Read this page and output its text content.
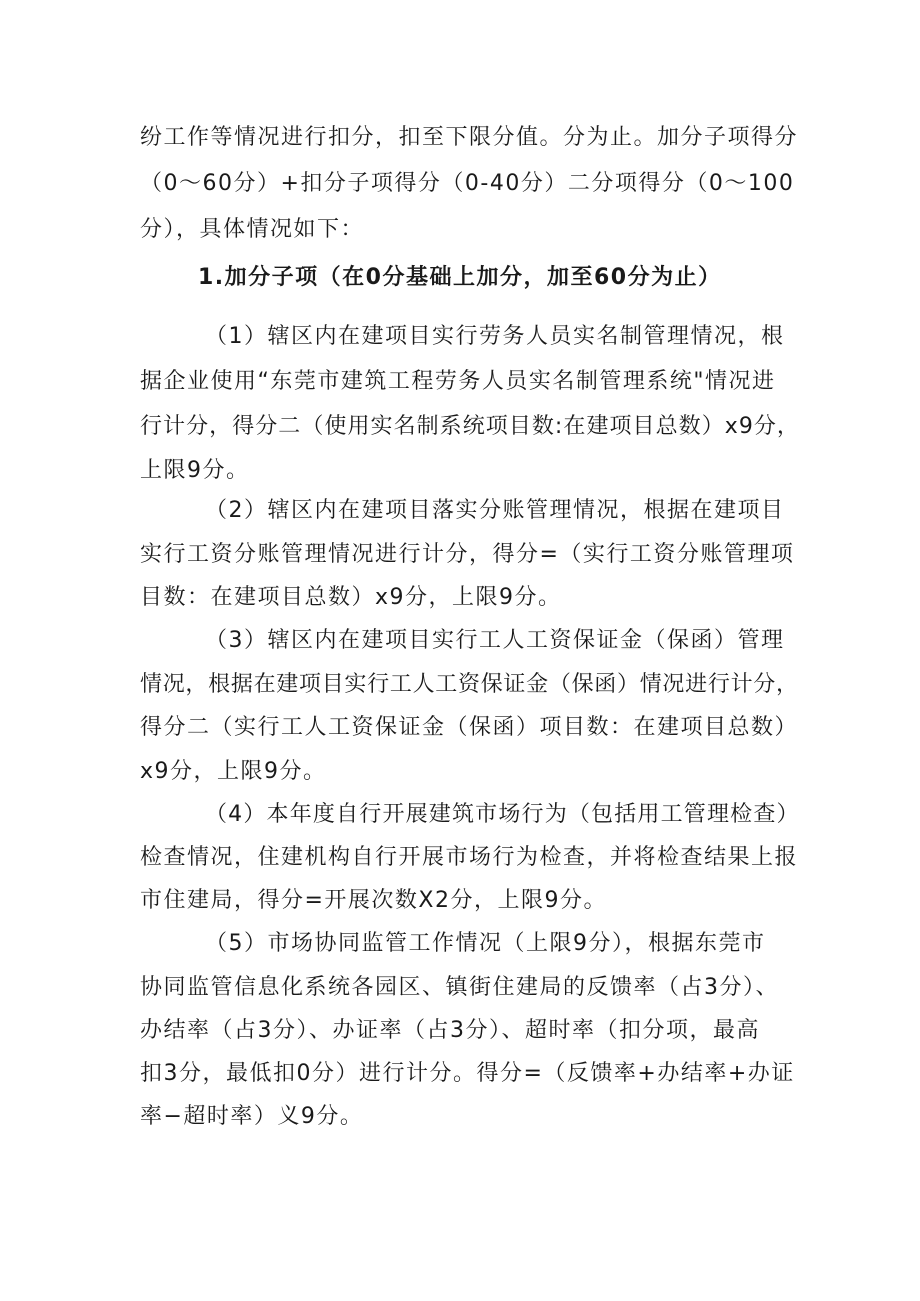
纷工作等情况进行扣分，扣至下限分值。分为止。加分子项得分
（0～60分）+扣分子项得分（0-40分）二分项得分（0～100
分），具体情况如下：
1.加分子项（在0分基础上加分，加至60分为止）
（1）辖区内在建项目实行劳务人员实名制管理情况，根
据企业使用“东莞市建筑工程劳务人员实名制管理系统"情况进
行计分，得分二（使用实名制系统项目数:在建项目总数）x9分，
上限9分。
（2）辖区内在建项目落实分账管理情况，根据在建项目
实行工资分账管理情况进行计分，得分=（实行工资分账管理项
目数：在建项目总数）x9分，上限9分。
（3）辖区内在建项目实行工人工资保证金（保函）管理
情况，根据在建项目实行工人工资保证金（保函）情况进行计分，
得分二（实行工人工资保证金（保函）项目数：在建项目总数）
x9分，上限9分。
（4）本年度自行开展建筑市场行为（包括用工管理检查）
检查情况，住建机构自行开展市场行为检查，并将检查结果上报
市住建局，得分=开展次数X2分，上限9分。
（5）市场协同监管工作情况（上限9分），根据东莞市
协同监管信息化系统各园区、镇街住建局的反馈率（占3分）、
办结率（占3分）、办证率（占3分）、超时率（扣分项，最高
扣3分，最低扣0分）进行计分。得分=（反馈率+办结率+办证
率−超时率）义9分。
